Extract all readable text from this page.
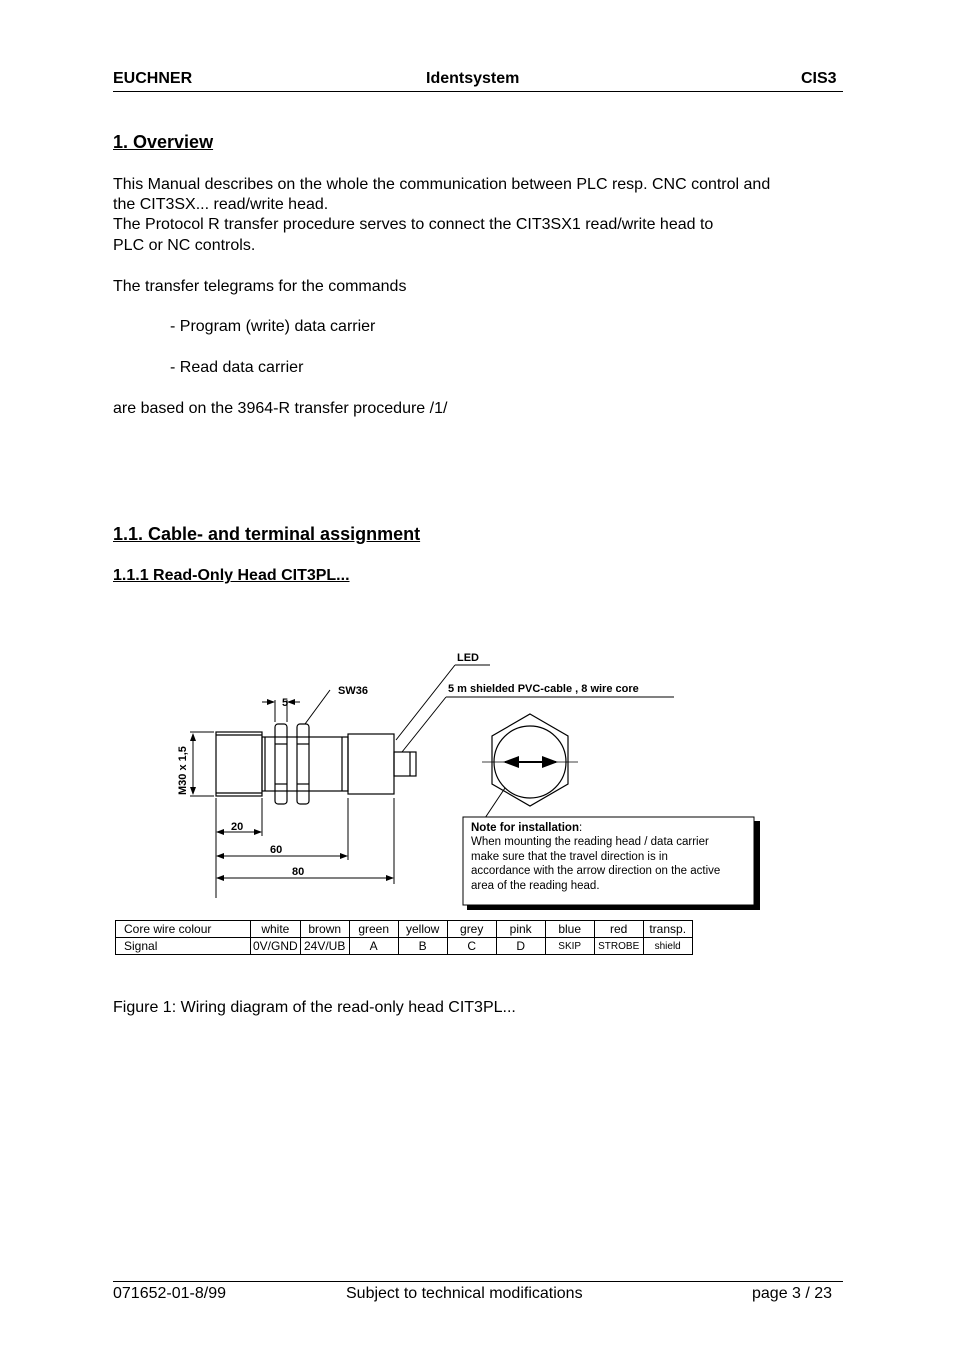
EUCHNER	Identsystem	CIS3
1. Overview
This Manual describes on the whole the communication between PLC resp. CNC control and
the CIT3SX... read/write head.
The Protocol R transfer procedure serves to connect the CIT3SX1 read/write head to
PLC or NC controls.
The transfer telegrams for the commands
- Program (write) data carrier
- Read data carrier
are based on the 3964-R transfer procedure /1/
1.1. Cable- and terminal assignment
1.1.1 Read-Only Head CIT3PL...
M30 x 1,5
5
SW36
LED
5 m shielded PVC-cable , 8 wire core
20
60
80
Note for installation:
When mounting the reading head / data carrier
make sure that the travel direction is in
accordance with the arrow direction on the active
area of the reading head.
Core wire colour	white	brown	green	yellow	grey	pink	blue	red	transp.
Signal	0V/GND	24V/UB	A	B	C	D	SKIP	STROBE	shield
Figure 1: Wiring diagram of the read-only head CIT3PL...
071652-01-8/99	Subject to technical modifications	page 3 / 23
